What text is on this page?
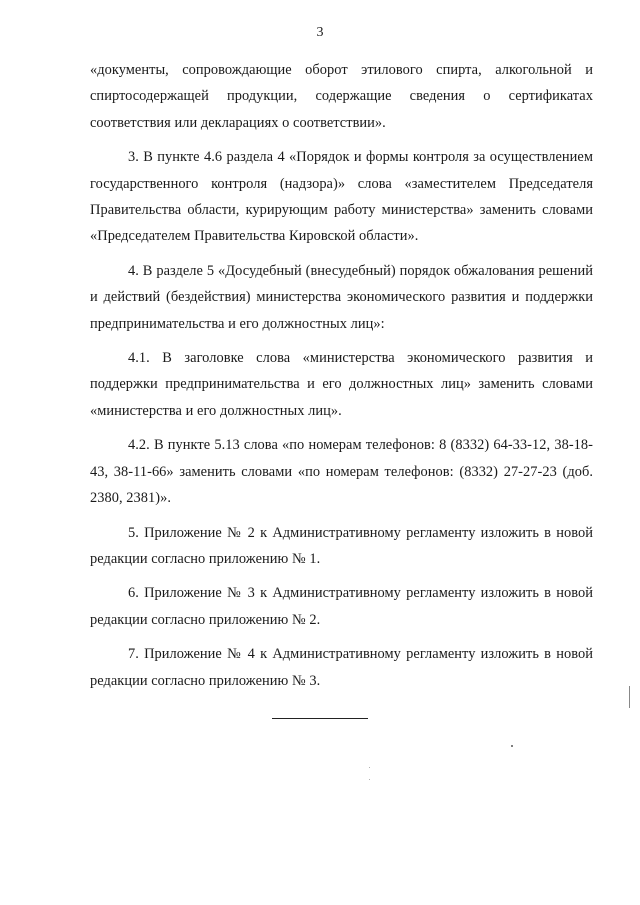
3

«документы, сопровождающие оборот этилового спирта, алкогольной и спиртосодержащей продукции, содержащие сведения о сертификатах соответствия или декларациях о соответствии».

3. В пункте 4.6 раздела 4 «Порядок и формы контроля за осуществлением государственного контроля (надзора)» слова «заместителем Председателя Правительства области, курирующим работу министерства» заменить словами «Председателем Правительства Кировской области».

4. В разделе 5 «Досудебный (внесудебный) порядок обжалования решений и действий (бездействия) министерства экономического развития и поддержки предпринимательства и его должностных лиц»:

4.1. В заголовке слова «министерства экономического развития и поддержки предпринимательства и его должностных лиц» заменить словами «министерства и его должностных лиц».

4.2. В пункте 5.13 слова «по номерам телефонов: 8 (8332) 64-33-12, 38-18-43, 38-11-66» заменить словами «по номерам телефонов: (8332) 27-27-23 (доб. 2380, 2381)».

5. Приложение № 2 к Административному регламенту изложить в новой редакции согласно приложению № 1.

6. Приложение № 3 к Административному регламенту изложить в новой редакции согласно приложению № 2.

7. Приложение № 4 к Административному регламенту изложить в новой редакции согласно приложению № 3.
